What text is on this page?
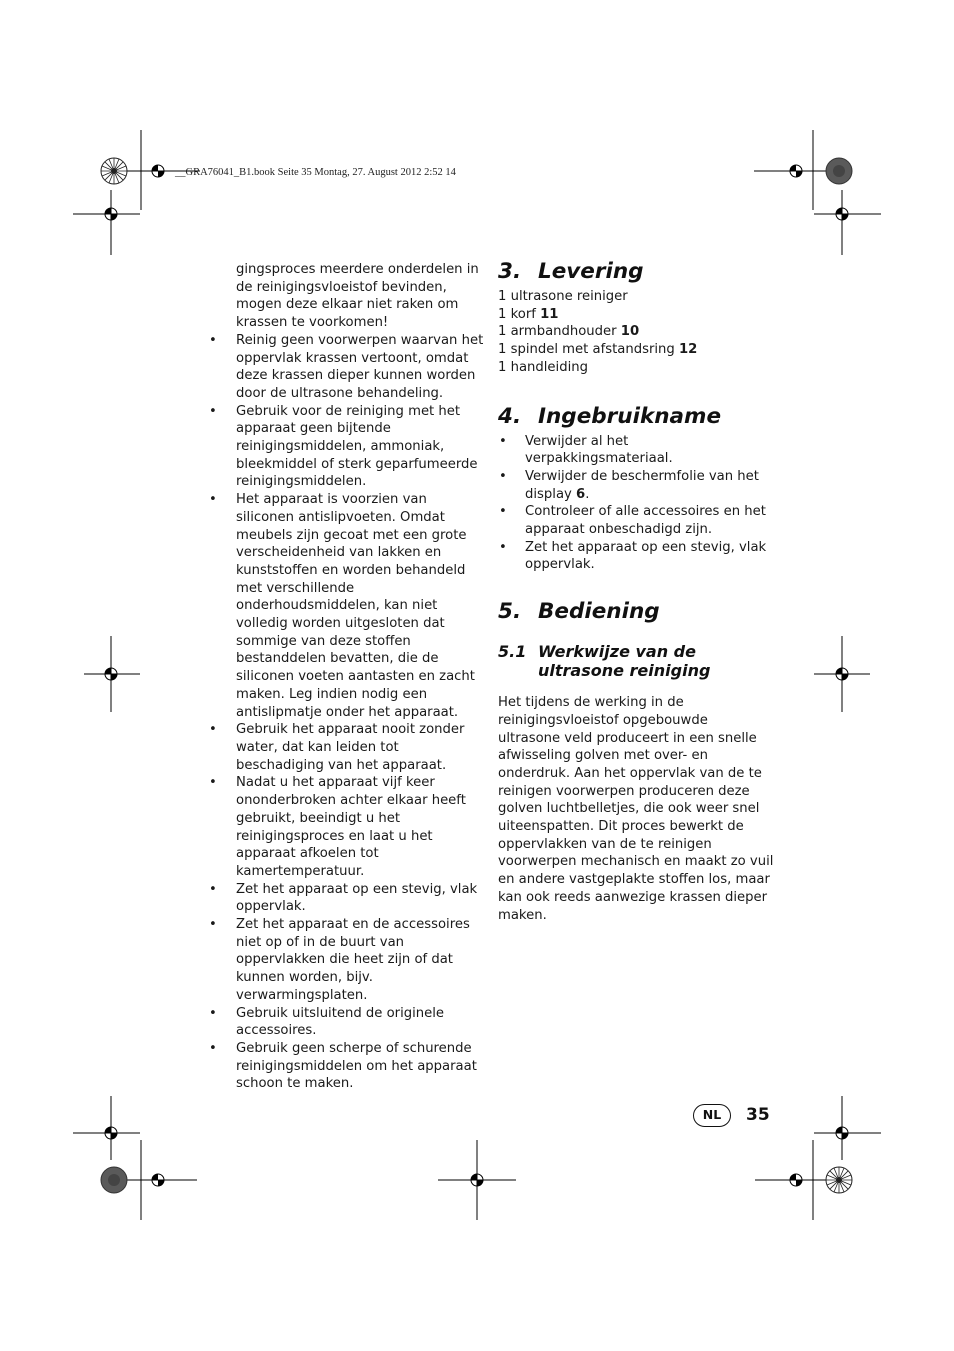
__GRA76041_B1.book Seite 35 Montag, 27. August 2012 2:52 14

gingsproces meerdere onderdelen in de reinigingsvloeistof bevinden, mogen deze elkaar niet raken om krassen te voorkomen!

• Reinig geen voorwerpen waarvan het oppervlak krassen vertoont, omdat deze krassen dieper kunnen worden door de ultrasone behandeling.
• Gebruik voor de reiniging met het apparaat geen bijtende reinigingsmiddelen, ammoniak, bleekmiddel of sterk geparfumeerde reinigingsmiddelen.
• Het apparaat is voorzien van siliconen antislipvoeten. Omdat meubels zijn gecoat met een grote verscheidenheid van lakken en kunststoffen en worden behandeld met verschillende onderhoudsmiddelen, kan niet volledig worden uitgesloten dat sommige van deze stoffen bestanddelen bevatten, die de siliconen voeten aantasten en zacht maken. Leg indien nodig een antislipmatje onder het apparaat.
• Gebruik het apparaat nooit zonder water, dat kan leiden tot beschadiging van het apparaat.
• Nadat u het apparaat vijf keer ononderbroken achter elkaar heeft gebruikt, beeindigt u het reinigingsproces en laat u het apparaat afkoelen tot kamertemperatuur.
• Zet het apparaat op een stevig, vlak oppervlak.
• Zet het apparaat en de accessoires niet op of in de buurt van oppervlakken die heet zijn of dat kunnen worden, bijv. verwarmingsplaten.
• Gebruik uitsluitend de originele accessoires.
• Gebruik geen scherpe of schurende reinigingsmiddelen om het apparaat schoon te maken.
3. Levering
1 ultrasone reiniger
1 korf 11
1 armbandhouder 10
1 spindel met afstandsring 12
1 handleiding
4. Ingebruikname
• Verwijder al het verpakkingsmateriaal.
• Verwijder de beschermfolie van het display 6.
• Controleer of alle accessoires en het apparaat onbeschadigd zijn.
• Zet het apparaat op een stevig, vlak oppervlak.
5. Bediening
5.1 Werkwijze van de ultrasone reiniging

Het tijdens de werking in de reinigingsvloeistof opgebouwde ultrasone veld produceert in een snelle afwisseling golven met over- en onderdruk. Aan het oppervlak van de te reinigen voorwerpen produceren deze golven luchtbelletjes, die ook weer snel uiteenspatten. Dit proces bewerkt de oppervlakken van de te reinigen voorwerpen mechanisch en maakt zo vuil en andere vastgeplakte stoffen los, maar kan ook reeds aanwezige krassen dieper maken.

NL	35
